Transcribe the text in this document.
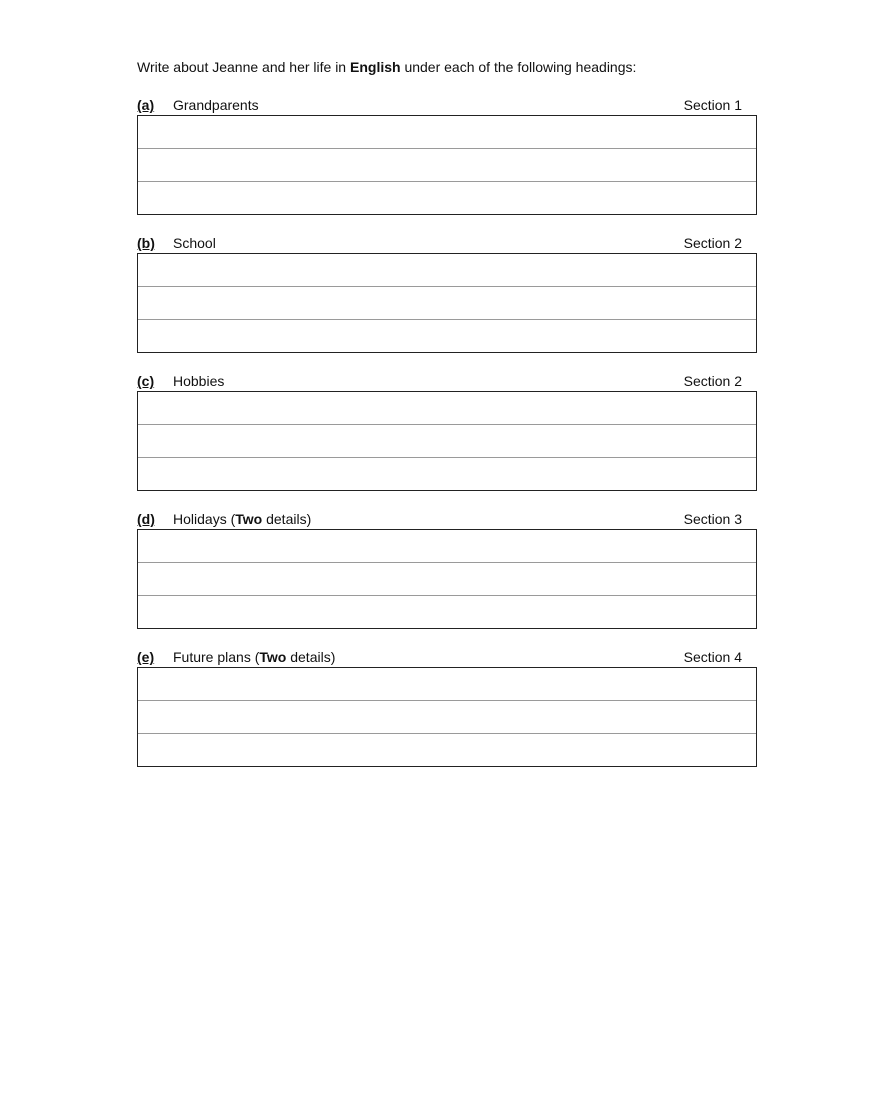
Write about Jeanne and her life in English under each of the following headings:
(a) Grandparents	Section 1
(b) School	Section 2
(c) Hobbies	Section 2
(d) Holidays (Two details)	Section 3
(e) Future plans (Two details)	Section 4
